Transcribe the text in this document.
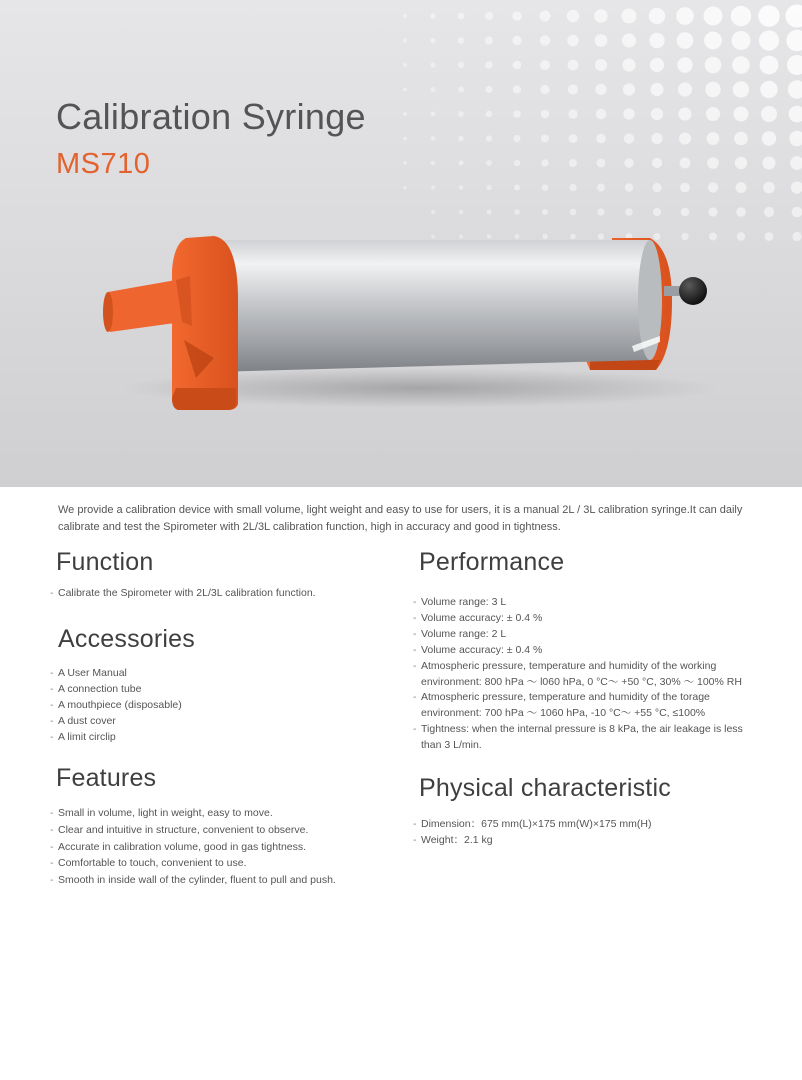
Calibration Syringe
MS710

We provide a calibration device with small volume, light weight and easy to use for users, it is a manual 2L / 3L calibration syringe.It can daily calibrate and test the Spirometer with 2L/3L calibration function, high in accuracy and good in tightness.

Function
- Calibrate the Spirometer with 2L/3L calibration function.
Accessories
- A User Manual
- A connection tube
- A mouthpiece (disposable)
- A dust cover
- A limit circlip
Features
- Small in volume, light in weight, easy to move.
- Clear and intuitive in structure, convenient to observe.
- Accurate in calibration volume, good in gas tightness.
- Comfortable to touch, convenient to use.
- Smooth in inside wall of the cylinder, fluent to pull and push.
Performance
- Volume range: 3 L
- Volume accuracy: ± 0.4 %
- Volume range: 2 L
- Volume accuracy: ± 0.4 %
- Atmospheric pressure, temperature and humidity of the working environment: 800 hPa ～ l060 hPa, 0 °C～ +50 °C, 30% ～ 100% RH
- Atmospheric pressure, temperature and humidity of the torage environment: 700 hPa ～ 1060 hPa, -10 °C～ +55 °C, ≤100%
- Tightness: when the internal pressure is 8 kPa, the air leakage is less than 3 L/min.
Physical characteristic
- Dimension：675 mm(L)×175 mm(W)×175 mm(H)
- Weight：2.1 kg
